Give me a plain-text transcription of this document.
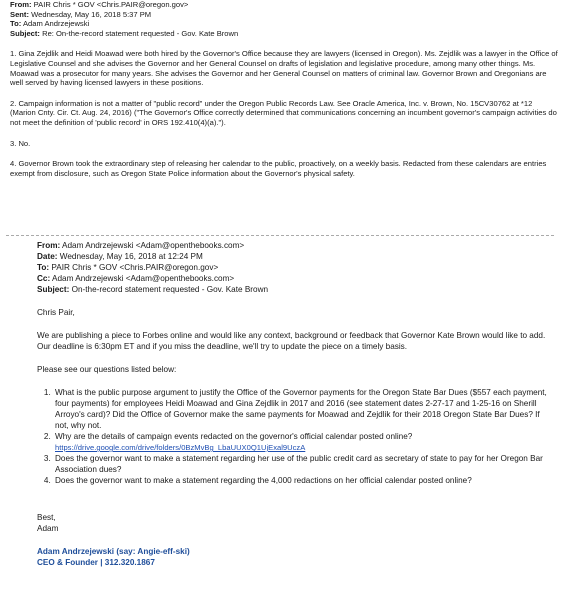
From: PAIR Chris * GOV <Chris.PAIR@oregon.gov>

Sent: Wednesday, May 16, 2018 5:37 PM

To: Adam Andrzejewski

Subject: Re: On-the-record statement requested - Gov. Kate Brown

1. Gina Zejdlik and Heidi Moawad were both hired by the Governor's Office because they are lawyers (licensed in Oregon). Ms. Zejdlik was a lawyer in the Office of Legislative Counsel and she advises the Governor and her General Counsel on drafts of legislation and legislative procedure, among many other things. Ms. Moawad was a prosecutor for many years. She advises the Governor and her General Counsel on matters of criminal law. Governor Brown and Oregonians are well served by having licensed lawyers in these positions.

2. Campaign information is not a matter of "public record" under the Oregon Public Records Law. See Oracle America, Inc. v. Brown, No. 15CV30762 at *12 (Marion Cnty. Cir. Ct. Aug. 24, 2016) ("The Governor's Office correctly determined that communications concerning an incumbent governor's campaign activities do not meet the definition of 'public record' in ORS 192.410(4)(a).").

3. No.

4. Governor Brown took the extraordinary step of releasing her calendar to the public, proactively, on a weekly basis. Redacted from these calendars are entries exempt from disclosure, such as Oregon State Police information about the Governor's physical safety.

From: Adam Andrzejewski <Adam@openthebooks.com>

Date: Wednesday, May 16, 2018 at 12:24 PM

To: PAIR Chris * GOV <Chris.PAIR@oregon.gov>

Cc: Adam Andrzejewski <Adam@openthebooks.com>

Subject: On-the-record statement requested - Gov. Kate Brown

Chris Pair,

We are publishing a piece to Forbes online and would like any context, background or feedback that Governor Kate Brown would like to add. Our deadline is 6:30pm ET and if you miss the deadline, we'll try to update the piece on a timely basis.

Please see our questions listed below:

1. What is the public purpose argument to justify the Office of the Governor payments for the Oregon State Bar Dues ($557 each payment, four payments) for employees Heidi Moawad and Gina Zejdlik in 2017 and 2016 (see statement dates 2-27-17 and 1-25-16 on Sherill Arroyo's card)? Did the Office of Governor make the same payments for Moawad and Zejdlik for their 2018 Oregon State Bar Dues? If not, why not.
2. Why are the details of campaign events redacted on the governor's official calendar posted online?
https://drive.google.com/drive/folders/0BzMvBg_LbaUUX0Q1UjExal9UczA
3. Does the governor want to make a statement regarding her use of the public credit card as secretary of state to pay for her Oregon Bar Association dues?
4. Does the governor want to make a statement regarding the 4,000 redactions on her official calendar posted online?

Best,

Adam

Adam Andrzejewski (say: Angie-eff-ski)

CEO & Founder | 312.320.1867
